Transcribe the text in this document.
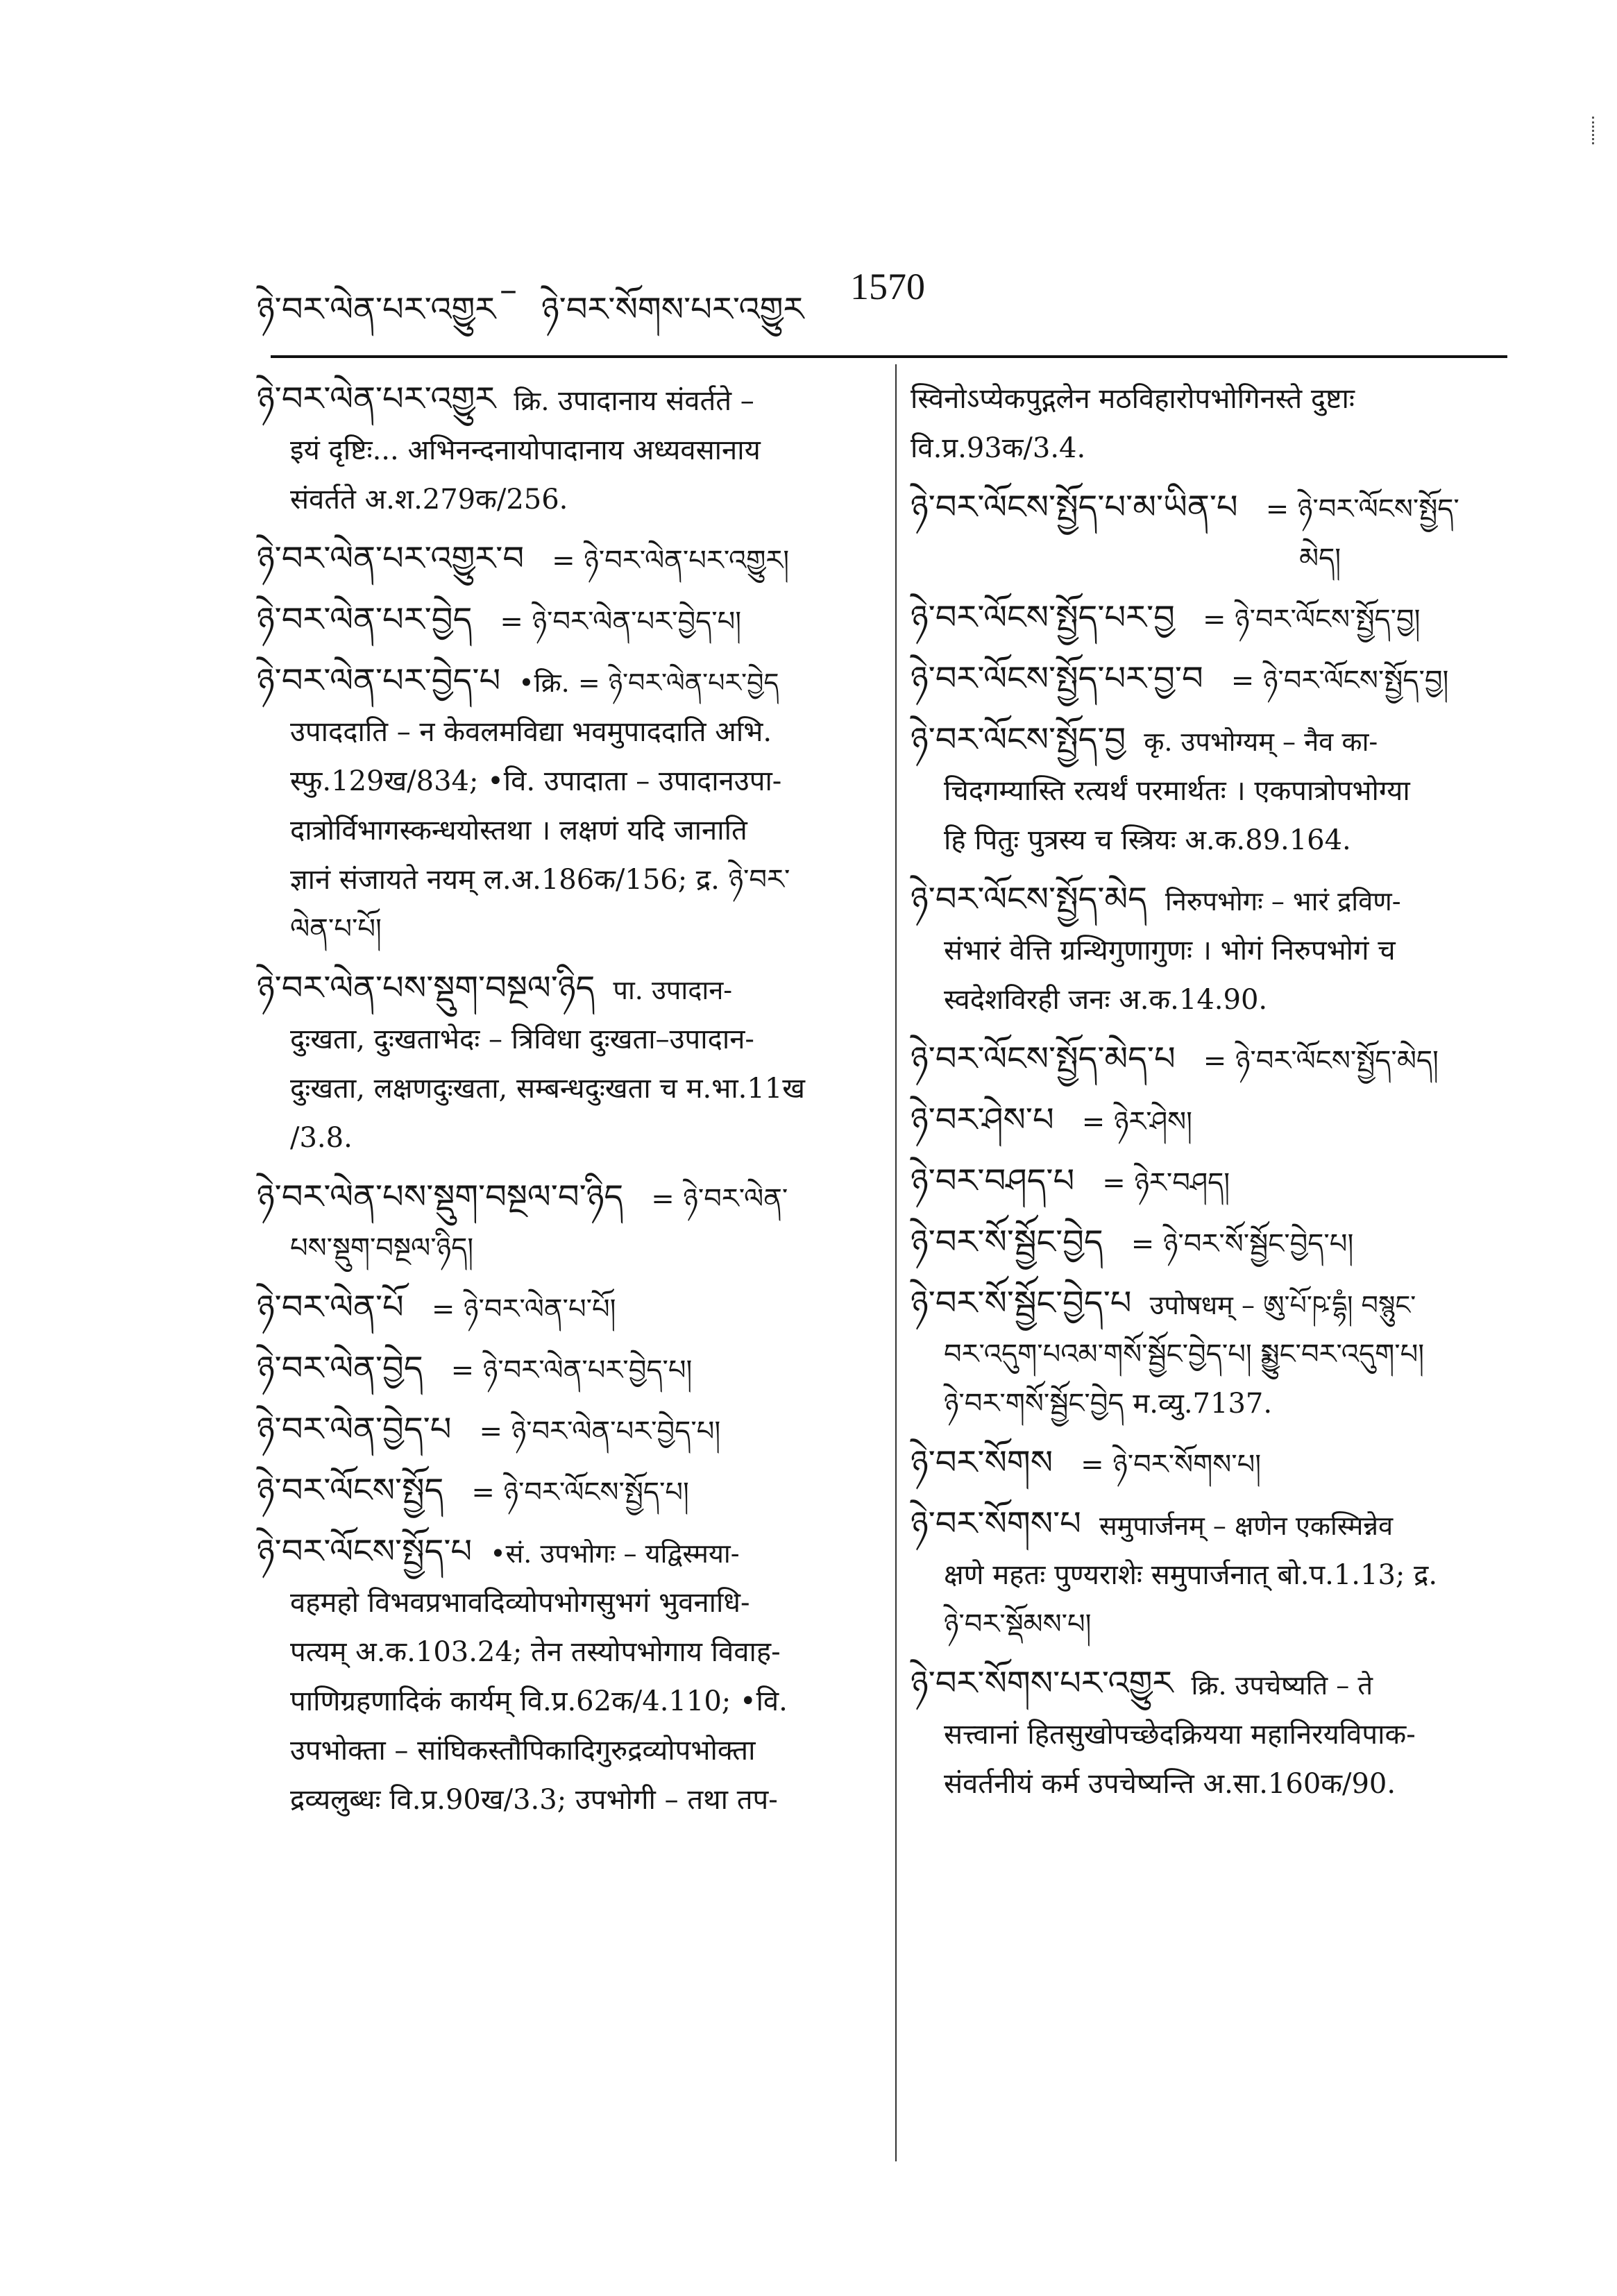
ཉེ་བར་ལེན་པར་འགྱུར – ཉེ་བར་སོགས་པར་འགྱུར
1570
ཉེ་བར་ལེན་པར་འགྱུར क्रि. उपादानाय संवर्तते –
इयं दृष्टिः... अभिनन्दनायोपादानाय अध्यवसानाय
संवर्तते अ.श.279क/256.
ཉེ་བར་ལེན་པར་འགྱུར་བ = ཉེ་བར་ལེན་པར་འགྱུར།
ཉེ་བར་ལེན་པར་བྱེད = ཉེ་བར་ལེན་པར་བྱེད་པ།
ཉེ་བར་ལེན་པར་བྱེད་པ •क्रि. = ཉེ་བར་ལེན་པར་བྱེད
उपाददाति – न केवलमविद्या भवमुपाददाति अभि.
स्फु.129ख/834; •वि. उपादाता – उपादानउपा-
दात्रोर्विभागस्कन्धयोस्तथा । लक्षणं यदि जानाति
ज्ञानं संजायते नयम् ल.अ.186क/156; द्र. ཉེ་བར་
ལེན་པ་པོ།
ཉེ་བར་ལེན་པས་སྡུག་བསྔལ་ཉིད पा. उपादान-
दुःखता, दुःखताभेदः – त्रिविधा दुःखता–उपादान-
दुःखता, लक्षणदुःखता, सम्बन्धदुःखता च म.भा.11ख
/3.8.
ཉེ་བར་ལེན་པས་སྡུག་བསྔལ་བ་ཉིད = ཉེ་བར་ལེན་
པས་སྡུག་བསྔལ་ཉིད།
ཉེ་བར་ལེན་པོ = ཉེ་བར་ལེན་པ་པོ།
ཉེ་བར་ལེན་བྱེད = ཉེ་བར་ལེན་པར་བྱེད་པ།
ཉེ་བར་ལེན་བྱེད་པ = ཉེ་བར་ལེན་པར་བྱེད་པ།
ཉེ་བར་ལོངས་སྤྱོད = ཉེ་བར་ལོངས་སྤྱོད་པ།
ཉེ་བར་ལོངས་སྤྱོད་པ •सं. उपभोगः – यद्विस्मया-
वहमहो विभवप्रभावदिव्योपभोगसुभगं भुवनाधि-
पत्यम् अ.क.103.24; तेन तस्योपभोगाय विवाह-
पाणिग्रहणादिकं कार्यम् वि.प्र.62क/4.110; •वि.
उपभोक्ता – सांघिकस्तौपिकादिगुरुद्रव्योपभोक्ता
द्रव्यलुब्धः वि.प्र.90ख/3.3; उपभोगी – तथा तप-
स्विनोऽप्येकपुद्गलेन मठविहारोपभोगिनस्ते दुष्टाः
वि.प्र.93क/3.4.
ཉེ་བར་ལོངས་སྤྱོད་པ་མ་ཡིན་པ = ཉེ་བར་ལོངས་སྤྱོད་
མེད།
ཉེ་བར་ལོངས་སྤྱོད་པར་བྱ = ཉེ་བར་ལོངས་སྤྱོད་བྱ།
ཉེ་བར་ལོངས་སྤྱོད་པར་བྱ་བ = ཉེ་བར་ལོངས་སྤྱོད་བྱ།
ཉེ་བར་ལོངས་སྤྱོད་བྱ कृ. उपभोग्यम् – नैव का-
चिदगम्यास्ति रत्यर्थं परमार्थतः । एकपात्रोपभोग्या
हि पितुः पुत्रस्य च स्त्रियः अ.क.89.164.
ཉེ་བར་ལོངས་སྤྱོད་མེད निरुपभोगः – भारं द्रविण-
संभारं वेत्ति ग्रन्थिगुणागुणः । भोगं निरुपभोगं च
स्वदेशविरही जनः अ.क.14.90.
ཉེ་བར་ལོངས་སྤྱོད་མེད་པ = ཉེ་བར་ལོངས་སྤྱོད་མེད།
ཉེ་བར་ཤེས་པ = ཉེར་ཤེས།
ཉེ་བར་བཤད་པ = ཉེར་བཤད།
ཉེ་བར་སོ་སྦྱོང་བྱེད = ཉེ་བར་སོ་སྦྱོང་བྱེད་པ།
ཉེ་བར་སོ་སྦྱོང་བྱེད་པ उपोषधम् – ཨུ་པོ་ཥ་དྷཾ། བསྙུང་
བར་འདུག་པའམ་གསོ་སྦྱོང་བྱེད་པ། སྨྱུང་བར་འདུག་པ།
ཉེ་བར་གསོ་སྦྱོང་བྱེད म.व्यु.7137.
ཉེ་བར་སོགས = ཉེ་བར་སོགས་པ།
ཉེ་བར་སོགས་པ समुपार्जनम् – क्षणेन एकस्मिन्नेव
क्षणे महतः पुण्यराशेः समुपार्जनात् बो.प.1.13; द्र.
ཉེ་བར་སྡོམས་པ།
ཉེ་བར་སོགས་པར་འགྱུར क्रि. उपचेष्यति – ते
सत्त्वानां हितसुखोपच्छेदक्रियया महानिरयविपाक-
संवर्तनीयं कर्म उपचेष्यन्ति अ.सा.160क/90.
